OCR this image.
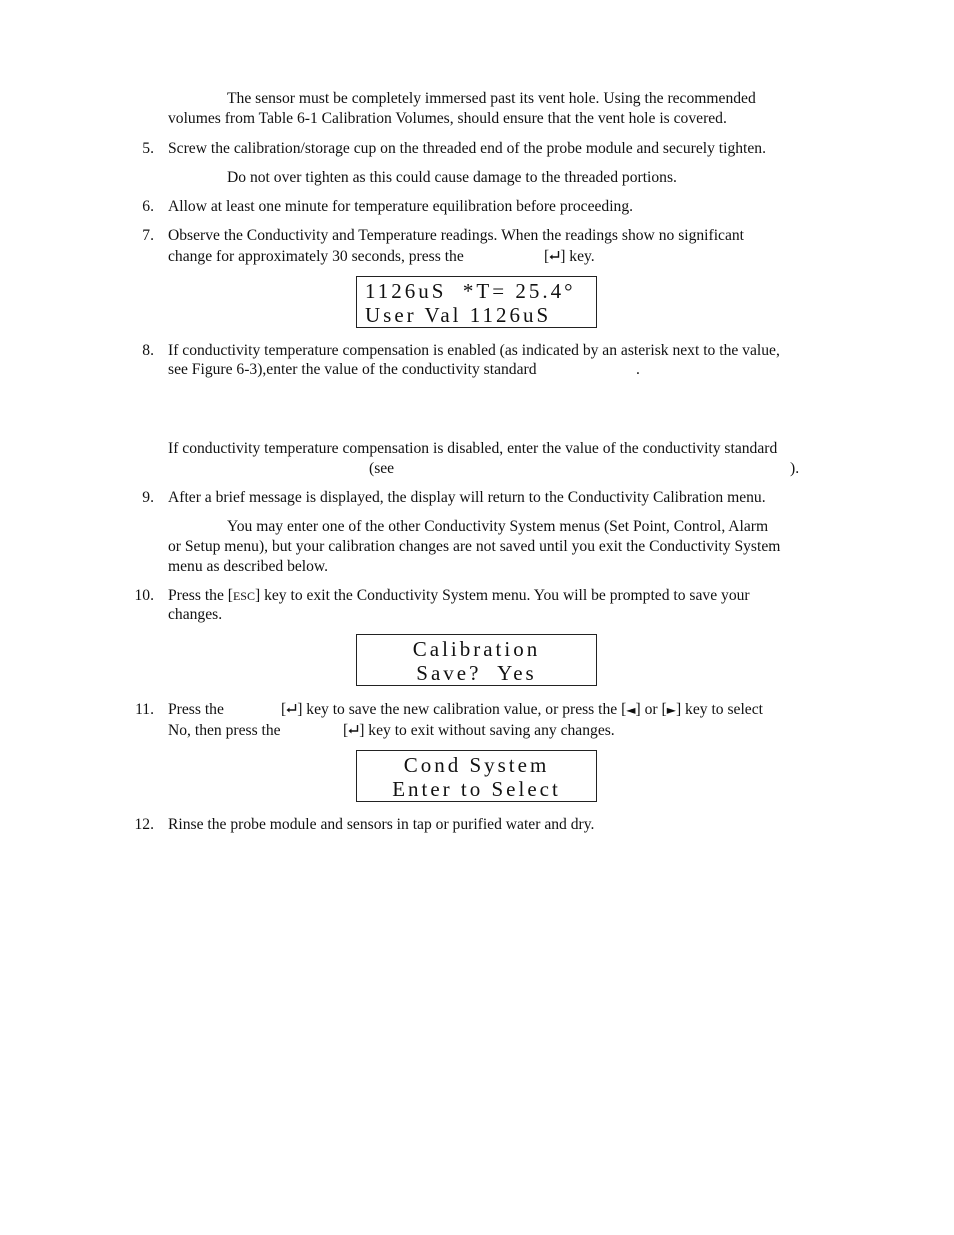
The sensor must be completely immersed past its vent hole. Using the recommended
volumes from Table 6-1 Calibration Volumes, should ensure that the vent hole is covered.
5. Screw the calibration/storage cup on the threaded end of the probe module and securely tighten.
Do not over tighten as this could cause damage to the threaded portions.
6. Allow at least one minute for temperature equilibration before proceeding.
7. Observe the Conductivity and Temperature readings. When the readings show no significant
change for approximately 30 seconds, press the	[ ] key.
1126uS  *T= 25.4°
User Val 1126uS
8. If conductivity temperature compensation is enabled (as indicated by an asterisk next to the value,
see Figure 6-3),enter the value of the conductivity standard	.
If conductivity temperature compensation is disabled, enter the value of the conductivity standard
(see	).
9. After a brief message is displayed, the display will return to the Conductivity Calibration menu.
You may enter one of the other Conductivity System menus (Set Point, Control, Alarm
or Setup menu), but your calibration changes are not saved until you exit the Conductivity System
menu as described below.
10. Press the [ESC] key to exit the Conductivity System menu. You will be prompted to save your
changes.
Calibration
Save?  Yes
11. Press the	[ ] key to save the new calibration value, or press the [◄] or [►] key to select
No, then press the	[ ] key to exit without saving any changes.
Cond System
Enter to Select
12. Rinse the probe module and sensors in tap or purified water and dry.
